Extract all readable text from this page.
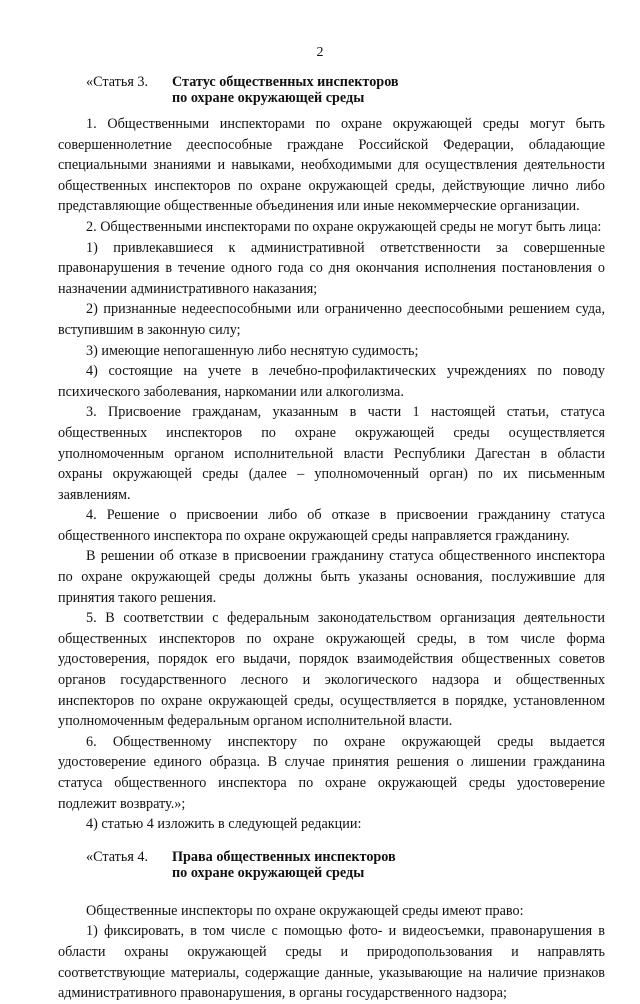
2
«Статья 3.	Статус общественных инспекторов
по охране окружающей среды

1. Общественными инспекторами по охране окружающей среды могут быть совершеннолетние дееспособные граждане Российской Федерации, обладающие специальными знаниями и навыками, необходимыми для осуществления деятельности общественных инспекторов по охране окружающей среды, действующие лично либо представляющие общественные объединения или иные некоммерческие организации.

2. Общественными инспекторами по охране окружающей среды не могут быть лица:

1) привлекавшиеся к административной ответственности за совершенные правонарушения в течение одного года со дня окончания исполнения постановления о назначении административного наказания;

2) признанные недееспособными или ограниченно дееспособными решением суда, вступившим в законную силу;

3) имеющие непогашенную либо неснятую судимость;

4) состоящие на учете в лечебно-профилактических учреждениях по поводу психического заболевания, наркомании или алкоголизма.

3. Присвоение гражданам, указанным в части 1 настоящей статьи, статуса общественных инспекторов по охране окружающей среды осуществляется уполномоченным органом исполнительной власти Республики Дагестан в области охраны окружающей среды (далее – уполномоченный орган) по их письменным заявлениям.

4. Решение о присвоении либо об отказе в присвоении гражданину статуса общественного инспектора по охране окружающей среды направляется гражданину.

В решении об отказе в присвоении гражданину статуса общественного инспектора по охране окружающей среды должны быть указаны основания, послужившие для принятия такого решения.

5. В соответствии с федеральным законодательством организация деятельности общественных инспекторов по охране окружающей среды, в том числе форма удостоверения, порядок его выдачи, порядок взаимодействия общественных советов органов государственного лесного и экологического надзора и общественных инспекторов по охране окружающей среды, осуществляется в порядке, установленном уполномоченным федеральным органом исполнительной власти.

6. Общественному инспектору по охране окружающей среды выдается удостоверение единого образца. В случае принятия решения о лишении гражданина статуса общественного инспектора по охране окружающей среды удостоверение подлежит возврату.»;

4) статью 4 изложить в следующей редакции:

«Статья 4.	Права общественных инспекторов
по охране окружающей среды

Общественные инспекторы по охране окружающей среды имеют право:

1) фиксировать, в том числе с помощью фото- и видеосъемки, правонарушения в области охраны окружающей среды и природопользования и направлять соответствующие материалы, содержащие данные, указывающие на наличие признаков административного правонарушения, в органы государственного надзора;
